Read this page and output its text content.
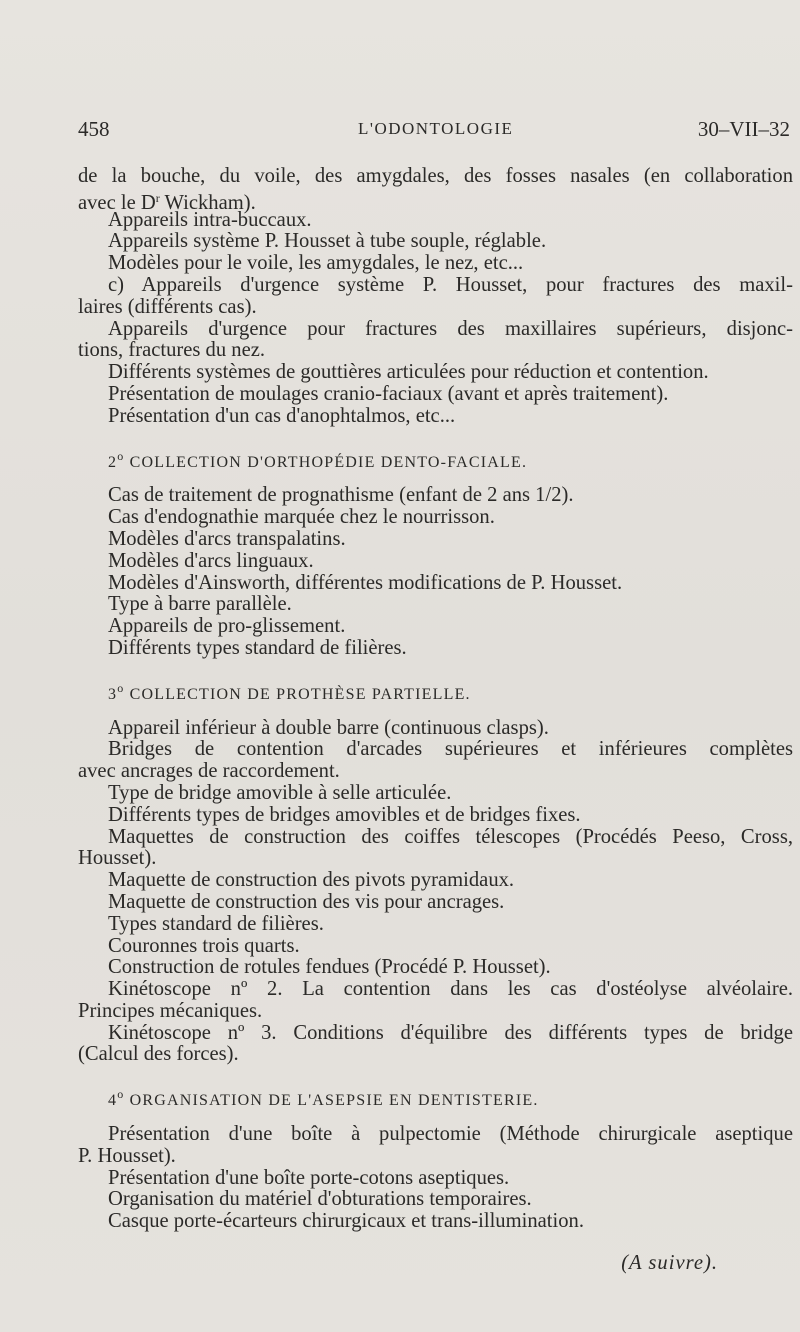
458	L'ODONTOLOGIE	30–VII–32
de la bouche, du voile, des amygdales, des fosses nasales (en collaboration
avec le $D^r$ Wickham).
Appareils intra-buccaux.
Appareils système P. Housset à tube souple, réglable.
Modèles pour le voile, les amygdales, le nez, etc...
c) Appareils d'urgence système P. Housset, pour fractures des maxil-
laires (différents cas).
Appareils d'urgence pour fractures des maxillaires supérieurs, disjonc-
tions, fractures du nez.
Différents systèmes de gouttières articulées pour réduction et contention.
Présentation de moulages cranio-faciaux (avant et après traitement).
Présentation d'un cas d'anophtalmos, etc...
2$^o$ COLLECTION D'ORTHOPÉDIE DENTO-FACIALE.
Cas de traitement de prognathisme (enfant de 2 ans 1/2).
Cas d'endognathie marquée chez le nourrisson.
Modèles d'arcs transpalatins.
Modèles d'arcs linguaux.
Modèles d'Ainsworth, différentes modifications de P. Housset.
Type à barre parallèle.
Appareils de pro-glissement.
Différents types standard de filières.
3$^o$ COLLECTION DE PROTHÈSE PARTIELLE.
Appareil inférieur à double barre (continuous clasps).
Bridges de contention d'arcades supérieures et inférieures complètes
avec ancrages de raccordement.
Type de bridge amovible à selle articulée.
Différents types de bridges amovibles et de bridges fixes.
Maquettes de construction des coiffes télescopes (Procédés Peeso, Cross,
Housset).
Maquette de construction des pivots pyramidaux.
Maquette de construction des vis pour ancrages.
Types standard de filières.
Couronnes trois quarts.
Construction de rotules fendues (Procédé P. Housset).
Kinétoscope nº 2. La contention dans les cas d'ostéolyse alvéolaire.
Principes mécaniques.
Kinétoscope nº 3. Conditions d'équilibre des différents types de bridge
(Calcul des forces).
4$^o$ ORGANISATION DE L'ASEPSIE EN DENTISTERIE.
Présentation d'une boîte à pulpectomie (Méthode chirurgicale aseptique
P. Housset).
Présentation d'une boîte porte-cotons aseptiques.
Organisation du matériel d'obturations temporaires.
Casque porte-écarteurs chirurgicaux et trans-illumination.
(A suivre).
